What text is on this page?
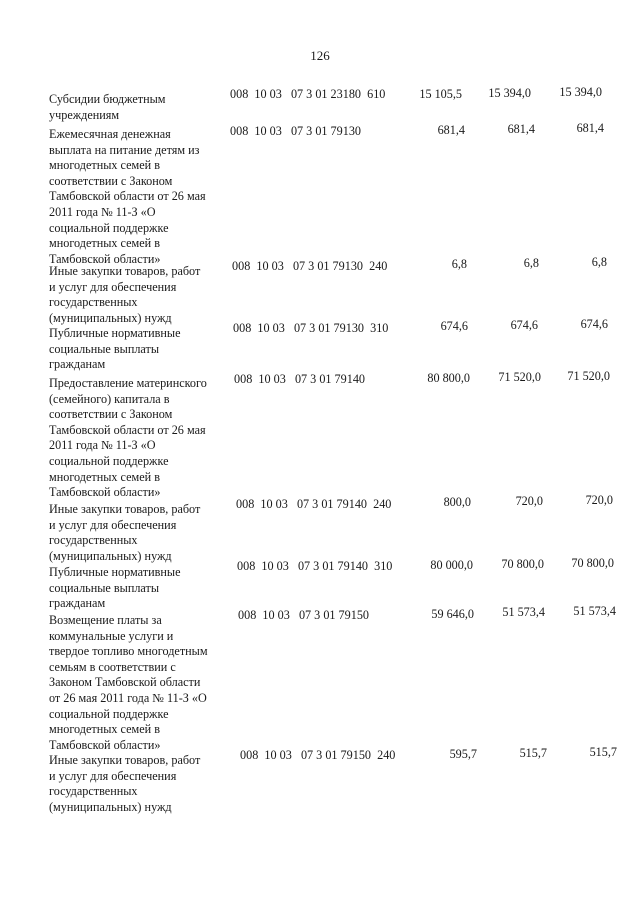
126
Субсидии бюджетным
учреждениям
008  10 03   07 3 01 23180  610	15 105,5	15 394,0	15 394,0
Ежемесячная денежная
выплата на питание детям из
многодетных семей в
соответствии с Законом
Тамбовской области от 26 мая
2011 года № 11-З «О
социальной поддержке
многодетных семей в
Тамбовской области»
008  10 03   07 3 01 79130	681,4	681,4	681,4
Иные закупки товаров, работ
и услуг для обеспечения
государственных
(муниципальных) нужд
008  10 03   07 3 01 79130  240	6,8	6,8	6,8
Публичные нормативные
социальные выплаты
гражданам
008  10 03   07 3 01 79130  310	674,6	674,6	674,6
Предоставление материнского
(семейного) капитала в
соответствии с Законом
Тамбовской области от 26 мая
2011 года № 11-З «О
социальной поддержке
многодетных семей в
Тамбовской области»
008  10 03   07 3 01 79140	80 800,0	71 520,0	71 520,0
Иные закупки товаров, работ
и услуг для обеспечения
государственных
(муниципальных) нужд
008  10 03   07 3 01 79140  240	800,0	720,0	720,0
Публичные нормативные
социальные выплаты
гражданам
008  10 03   07 3 01 79140  310	80 000,0	70 800,0	70 800,0
Возмещение платы за
коммунальные услуги и
твердое топливо многодетным
семьям в соответствии с
Законом Тамбовской области
от 26 мая 2011 года № 11-З «О
социальной поддержке
многодетных семей в
Тамбовской области»
008  10 03   07 3 01 79150	59 646,0	51 573,4	51 573,4
Иные закупки товаров, работ
и услуг для обеспечения
государственных
(муниципальных) нужд
008  10 03   07 3 01 79150  240	595,7	515,7	515,7
